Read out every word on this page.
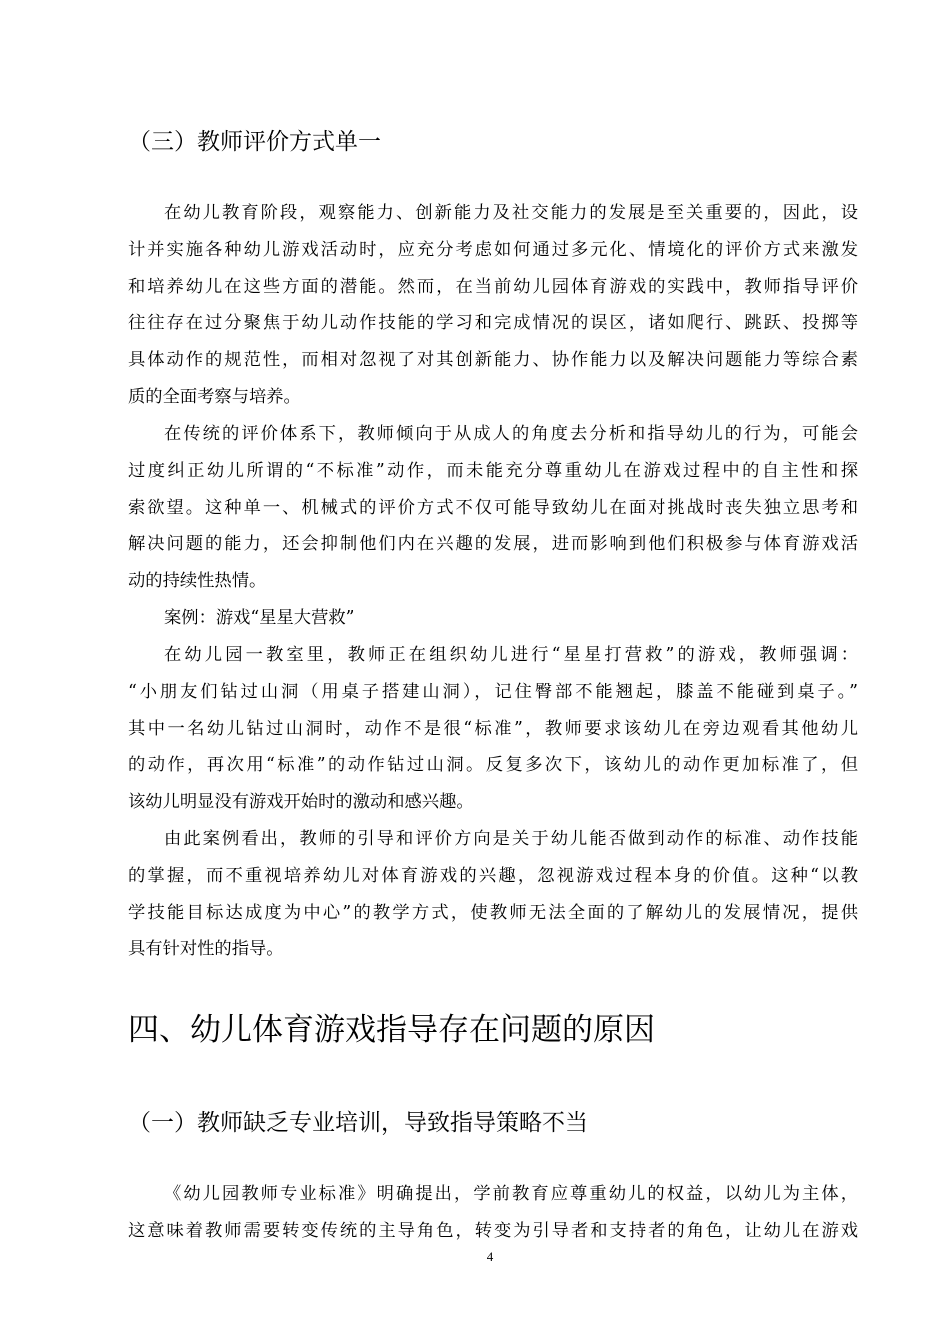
（三）教师评价方式单一
在幼儿教育阶段，观察能力、创新能力及社交能力的发展是至关重要的，因此，设
计并实施各种幼儿游戏活动时，应充分考虑如何通过多元化、情境化的评价方式来激发
和培养幼儿在这些方面的潜能。然而，在当前幼儿园体育游戏的实践中，教师指导评价
往往存在过分聚焦于幼儿动作技能的学习和完成情况的误区，诸如爬行、跳跃、投掷等
具体动作的规范性，而相对忽视了对其创新能力、协作能力以及解决问题能力等综合素
质的全面考察与培养。
在传统的评价体系下，教师倾向于从成人的角度去分析和指导幼儿的行为，可能会
过度纠正幼儿所谓的“不标准”动作，而未能充分尊重幼儿在游戏过程中的自主性和探
索欲望。这种单一、机械式的评价方式不仅可能导致幼儿在面对挑战时丧失独立思考和
解决问题的能力，还会抑制他们内在兴趣的发展，进而影响到他们积极参与体育游戏活
动的持续性热情。
案例：游戏“星星大营救”
在幼儿园一教室里，教师正在组织幼儿进行“星星打营救”的游戏，教师强调：
“小朋友们钻过山洞（用桌子搭建山洞），记住臀部不能翘起，膝盖不能碰到桌子。”
其中一名幼儿钻过山洞时，动作不是很“标准”，教师要求该幼儿在旁边观看其他幼儿
的动作，再次用“标准”的动作钻过山洞。反复多次下，该幼儿的动作更加标准了，但
该幼儿明显没有游戏开始时的激动和感兴趣。
由此案例看出，教师的引导和评价方向是关于幼儿能否做到动作的标准、动作技能
的掌握，而不重视培养幼儿对体育游戏的兴趣，忽视游戏过程本身的价值。这种“以教
学技能目标达成度为中心”的教学方式，使教师无法全面的了解幼儿的发展情况，提供
具有针对性的指导。
四、幼儿体育游戏指导存在问题的原因
（一）教师缺乏专业培训，导致指导策略不当
《幼儿园教师专业标准》明确提出，学前教育应尊重幼儿的权益，以幼儿为主体，
这意味着教师需要转变传统的主导角色，转变为引导者和支持者的角色，让幼儿在游戏
4
